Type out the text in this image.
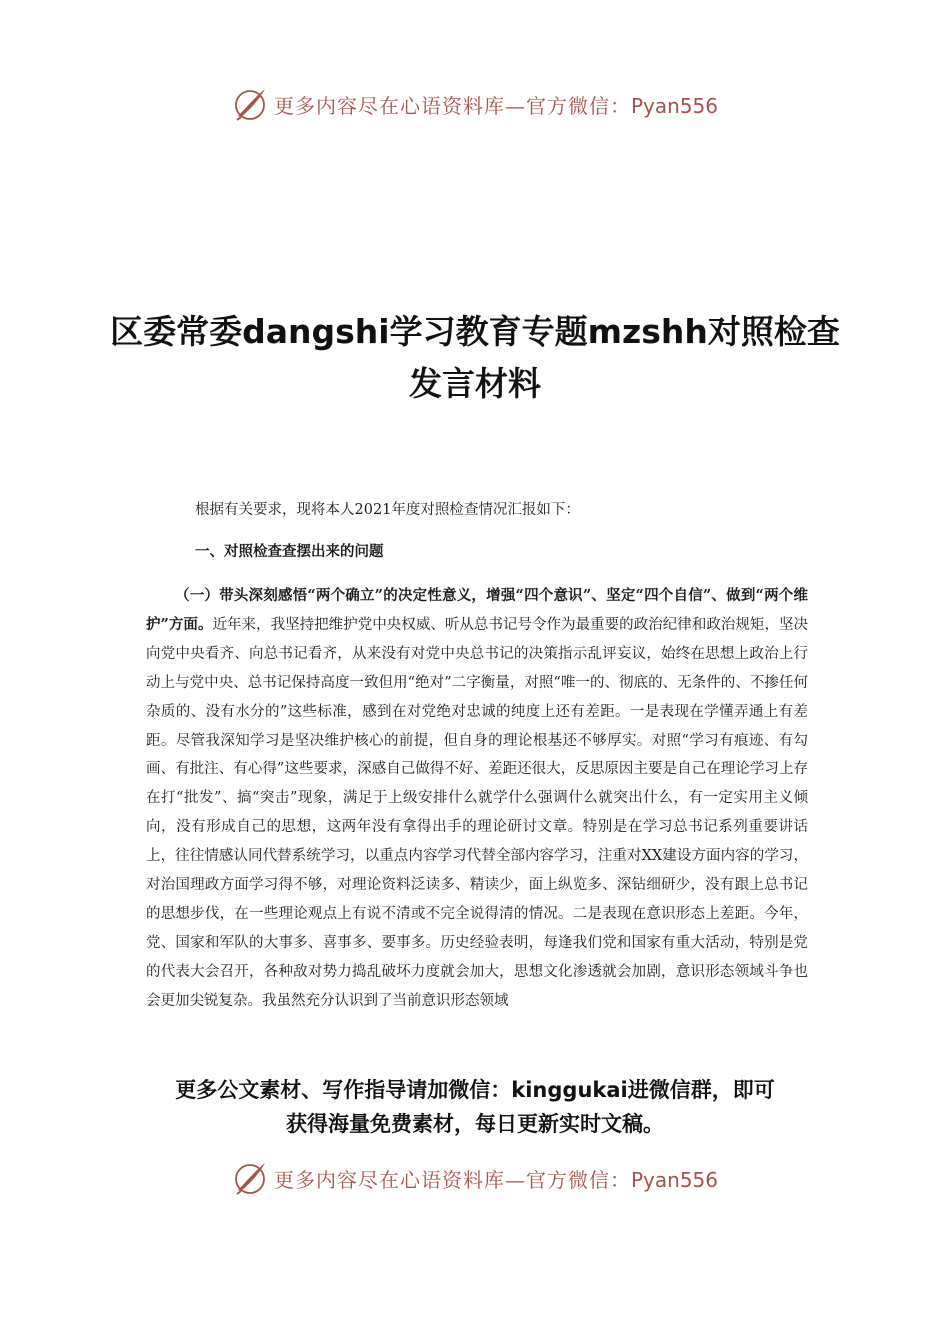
更多内容尽在心语资料库—官方微信：Pyan556
区委常委dangshi学习教育专题mzshh对照检查发言材料

根据有关要求，现将本人2021年度对照检查情况汇报如下：

一、对照检查查摆出来的问题

（一）带头深刻感悟“两个确立”的决定性意义，增强“四个意识”、坚定“四个自信”、做到“两个维护”方面。近年来，我坚持把维护党中央权威、听从总书记号令作为最重要的政治纪律和政治规矩，坚决向党中央看齐、向总书记看齐，从来没有对党中央总书记的决策指示乱评妄议，始终在思想上政治上行动上与党中央、总书记保持高度一致但用“绝对”二字衡量，对照“唯一的、彻底的、无条件的、不掺任何杂质的、没有水分的”这些标准，感到在对党绝对忠诚的纯度上还有差距。一是表现在学懂弄通上有差距。尽管我深知学习是坚决维护核心的前提，但自身的理论根基还不够厚实。对照“学习有痕迹、有勾画、有批注、有心得”这些要求，深感自己做得不好、差距还很大，反思原因主要是自己在理论学习上存在打“批发”、搞“突击”现象，满足于上级安排什么就学什么强调什么就突出什么，有一定实用主义倾向，没有形成自己的思想，这两年没有拿得出手的理论研讨文章。特别是在学习总书记系列重要讲话上，往往情感认同代替系统学习，以重点内容学习代替全部内容学习，注重对XX建设方面内容的学习，对治国理政方面学习得不够，对理论资料泛读多、精读少，面上纵览多、深钻细研少，没有跟上总书记的思想步伐，在一些理论观点上有说不清或不完全说得清的情况。二是表现在意识形态上差距。今年，党、国家和军队的大事多、喜事多、要事多。历史经验表明，每逢我们党和国家有重大活动，特别是党的代表大会召开，各种敌对势力捣乱破坏力度就会加大，思想文化渗透就会加剧，意识形态领域斗争也会更加尖锐复杂。我虽然充分认识到了当前意识形态领域

更多公文素材、写作指导请加微信：kinggukai进微信群，即可
获得海量免费素材，每日更新实时文稿。
更多内容尽在心语资料库—官方微信：Pyan556
